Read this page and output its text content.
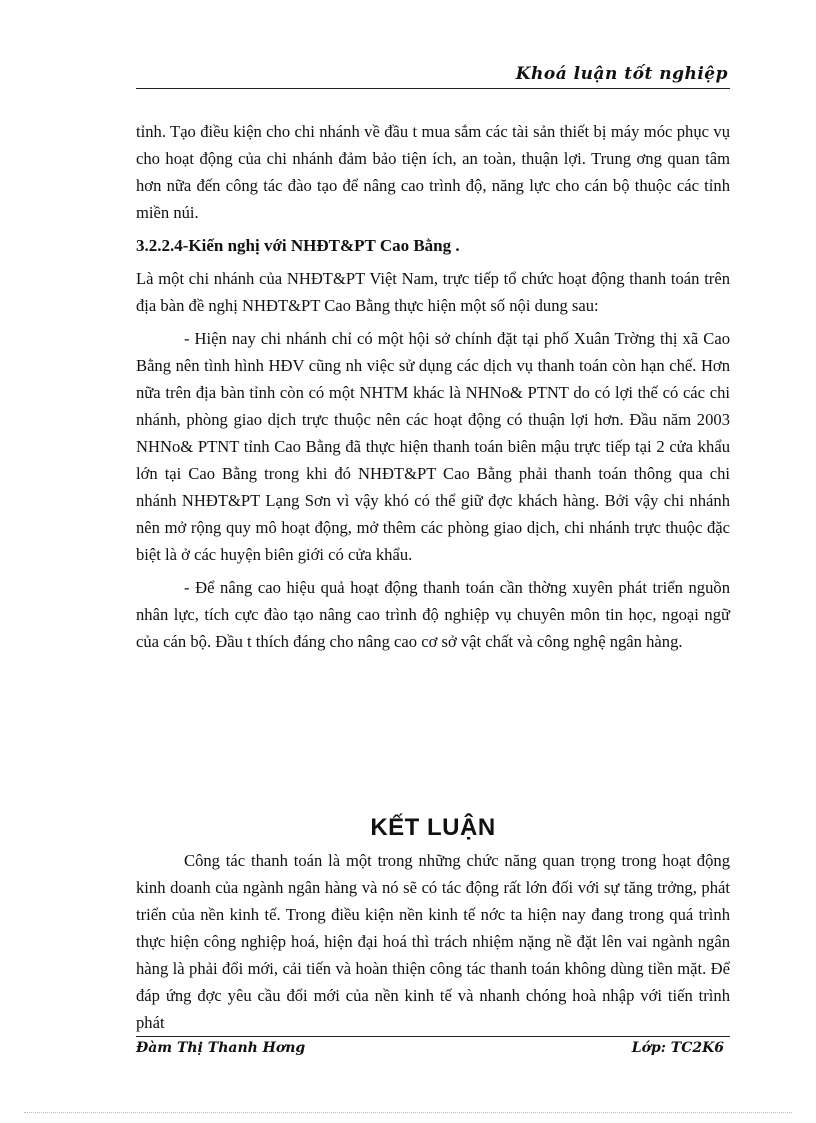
Khoá luận tốt nghiệp

tỉnh. Tạo điều kiện cho chi nhánh về đầu t mua sắm các tài sản thiết bị máy móc phục vụ cho hoạt động của chi nhánh đảm bảo tiện ích, an toàn, thuận lợi. Trung ơng quan tâm hơn nữa đến công tác đào tạo để nâng cao trình độ, năng lực cho cán bộ thuộc các tỉnh miền núi.

3.2.2.4-Kiến nghị với NHĐT&PT Cao Bằng .

Là một chi nhánh của NHĐT&PT Việt Nam, trực tiếp tổ chức hoạt động thanh toán trên địa bàn đề nghị NHĐT&PT Cao Bằng thực hiện một số nội dung sau:

- Hiện nay chi nhánh chỉ có một hội sở chính đặt tại phố Xuân Trờng thị xã Cao Bằng nên tình hình HĐV cũng nh việc sử dụng các dịch vụ thanh toán còn hạn chế. Hơn nữa trên địa bàn tỉnh còn có một NHTM khác là NHNo& PTNT do có lợi thế có các chi nhánh, phòng giao dịch trực thuộc nên các hoạt động có thuận lợi hơn. Đầu năm 2003 NHNo& PTNT tỉnh Cao Bằng đã thực hiện thanh toán biên mậu trực tiếp tại 2 cửa khẩu lớn tại Cao Bằng trong khi đó NHĐT&PT Cao Bằng phải thanh toán thông qua chi nhánh NHĐT&PT Lạng Sơn vì vậy khó có thể giữ đợc khách hàng. Bởi vậy chi nhánh nên mở rộng quy mô hoạt động, mở thêm các phòng giao dịch, chi nhánh trực thuộc đặc biệt là ở các huyện biên giới có cửa khẩu.

- Để nâng cao hiệu quả hoạt động thanh toán cần thờng xuyên phát triển nguồn nhân lực, tích cực đào tạo nâng cao trình độ nghiệp vụ chuyên môn tin học, ngoại ngữ của cán bộ. Đầu t thích đáng cho nâng cao cơ sở vật chất và công nghệ ngân hàng.

KẾT LUẬN

Công tác thanh toán là một trong những chức năng quan trọng trong hoạt động kinh doanh của ngành ngân hàng và nó sẽ có tác động rất lớn đối với sự tăng trởng, phát triển của nền kinh tế. Trong điều kiện nền kinh tế nớc ta hiện nay đang trong quá trình thực hiện công nghiệp hoá, hiện đại hoá thì trách nhiệm nặng nề đặt lên vai ngành ngân hàng là phải đổi mới, cải tiến và hoàn thiện công tác thanh toán không dùng tiền mặt. Để đáp ứng đợc yêu cầu đổi mới của nền kinh tế và nhanh chóng hoà nhập với tiến trình phát

Đàm Thị Thanh Hơng	Lớp: TC2K6
